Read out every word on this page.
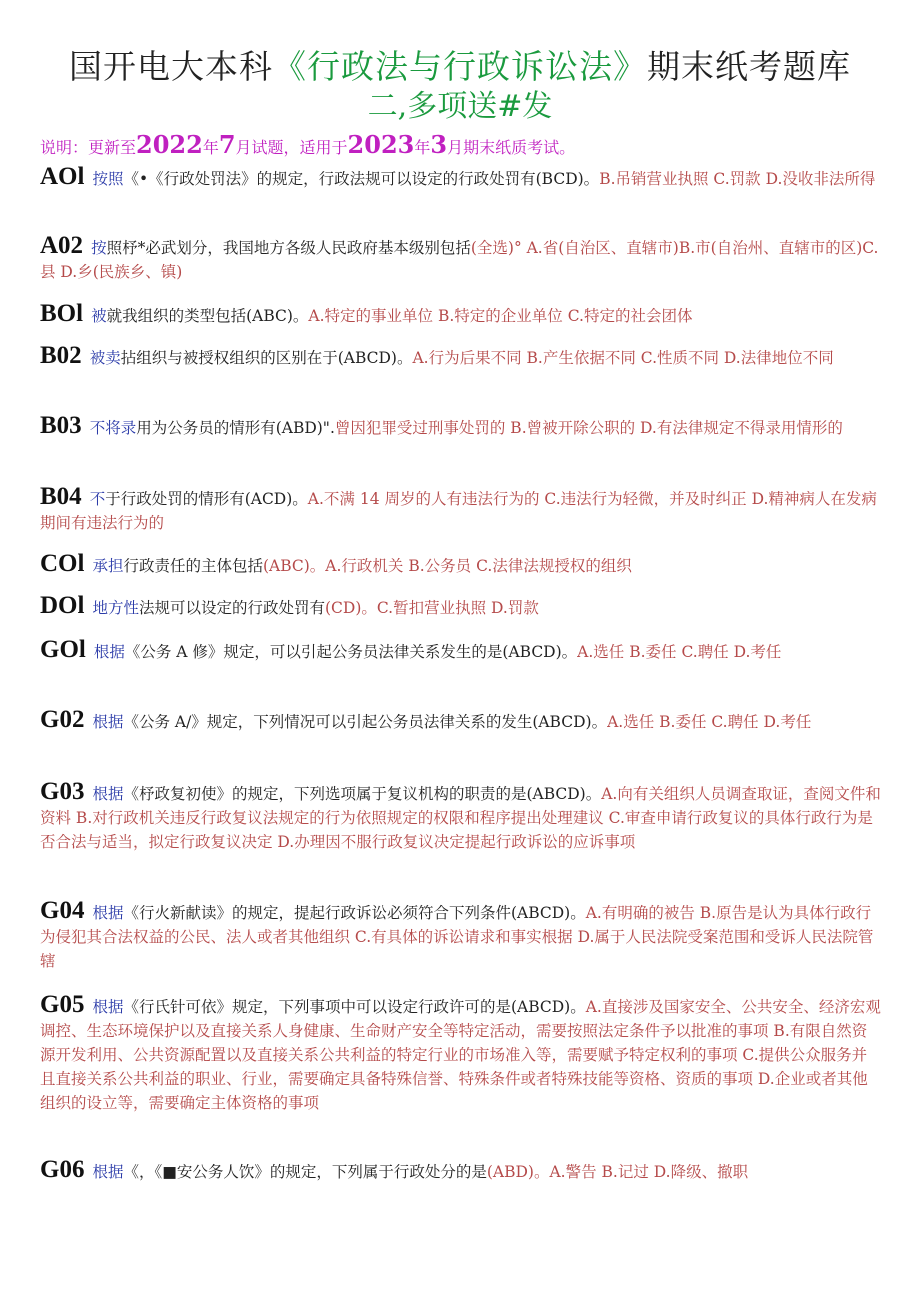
国开电大本科《行政法与行政诉讼法》期末纸考题库
二,多项送#发
说明：更新至2022年7月试题，适用于2023年3月期末纸质考试。
AOl 按照《•《行政处罚法》的规定，行政法规可以设定的行政处罚有(BCD)。B.吊销营业执照 C.罚款 D.没收非法所得
A02 按照杼*必武划分，我国地方各级人民政府基本级别包括(全选)° A.省(自治区、直辖市)B.市(自治州、直辖市的区)C.县 D.乡(民族乡、镇)
BOl 被就我组织的类型包括(ABC)。A.特定的事业单位 B.特定的企业单位 C.特定的社会团体
B02 被卖拈组织与被授权组织的区别在于(ABCD)。A.行为后果不同 B.产生依据不同 C.性质不同 D.法律地位不同
B03 不将录用为公务员的情形有(ABD)".曾因犯罪受过刑事处罚的 B.曾被开除公职的 D.有法律规定不得录用情形的
B04 不于行政处罚的情形有(ACD)。A.不满 14 周岁的人有违法行为的 C.违法行为轻微，并及时纠正 D.精神病人在发病期间有违法行为的
COl 承担行政责任的主体包括(ABC)。A.行政机关 B.公务员 C.法律法规授权的组织
DOl 地方性法规可以设定的行政处罚有(CD)。C.暂扣营业执照 D.罚款
GOl 根据《公务 A 修》规定，可以引起公务员法律关系发生的是(ABCD)。A.选任 B.委任 C.聘任 D.考任
G02 根据《公务 A/》规定，下列情况可以引起公务员法律关系的发生(ABCD)。A.选任 B.委任 C.聘任 D.考任
G03 根据《杼政复初使》的规定，下列选项属于复议机构的职责的是(ABCD)。A.向有关组织人员调查取证，查阅文件和资料 B.对行政机关违反行政复议法规定的行为依照规定的权限和程序提出处理建议 C.审查申请行政复议的具体行政行为是否合法与适当，拟定行政复议决定 D.办理因不服行政复议决定提起行政诉讼的应诉事项
G04 根据《行火新献读》的规定，提起行政诉讼必须符合下列条件(ABCD)。A.有明确的被告 B.原告是认为具体行政行为侵犯其合法权益的公民、法人或者其他组织 C.有具体的诉讼请求和事实根据 D.属于人民法院受案范围和受诉人民法院管辖
G05 根据《行氏针可依》规定，下列事项中可以设定行政许可的是(ABCD)。A.直接涉及国家安全、公共安全、经济宏观调控、生态环境保护以及直接关系人身健康、生命财产安全等特定活动，需要按照法定条件予以批准的事项 B.有限自然资源开发利用、公共资源配置以及直接关系公共利益的特定行业的市场准入等，需要赋予特定权利的事项 C.提供公众服务并且直接关系公共利益的职业、行业，需要确定具备特殊信誉、特殊条件或者特殊技能等资格、资质的事项 D.企业或者其他组织的设立等，需要确定主体资格的事项
G06 根据《，《■安公务人饮》的规定，下列属于行政处分的是(ABD)。A.警告 B.记过 D.降级、撤职
